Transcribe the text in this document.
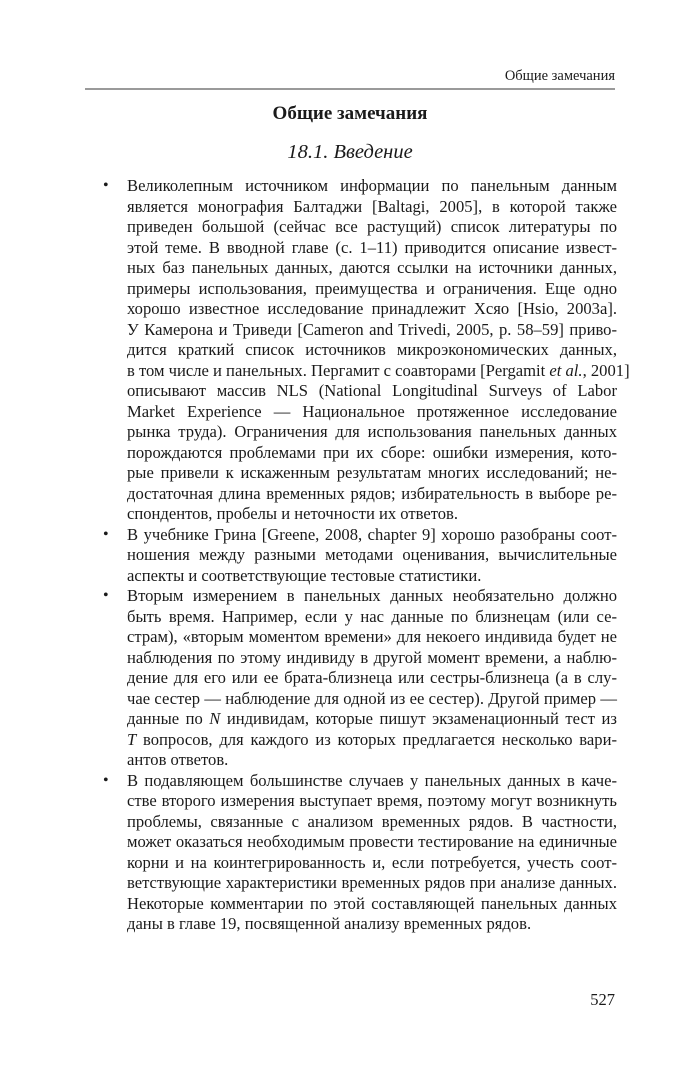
Общие замечания
Общие замечания
18.1. Введение
• Великолепным источником информации по панельным данным
является монография Балтаджи [Baltagi, 2005], в которой также
приведен большой (сейчас все растущий) список литературы по
этой теме. В вводной главе (с. 1–11) приводится описание извест-
ных баз панельных данных, даются ссылки на источники данных,
примеры использования, преимущества и ограничения. Еще одно
хорошо известное исследование принадлежит Хсяо [Hsio, 2003a].
У Камерона и Триведи [Cameron and Trivedi, 2005, p. 58–59] приво-
дится краткий список источников микроэкономических данных,
в том числе и панельных. Пергамит с соавторами [Pergamit et al., 2001]
описывают массив NLS (National Longitudinal Surveys of Labor
Market Experience — Национальное протяженное исследование
рынка труда). Ограничения для использования панельных данных
порождаются проблемами при их сборе: ошибки измерения, кото-
рые привели к искаженным результатам многих исследований; не-
достаточная длина временных рядов; избирательность в выборе ре-
спондентов, пробелы и неточности их ответов.
• В учебнике Грина [Greene, 2008, chapter 9] хорошо разобраны соот-
ношения между разными методами оценивания, вычислительные
аспекты и соответствующие тестовые статистики.
• Вторым измерением в панельных данных необязательно должно
быть время. Например, если у нас данные по близнецам (или се-
страм), «вторым моментом времени» для некоего индивида будет не
наблюдения по этому индивиду в другой момент времени, а наблю-
дение для его или ее брата-близнеца или сестры-близнеца (а в слу-
чае сестер — наблюдение для одной из ее сестер). Другой пример —
данные по N индивидам, которые пишут экзаменационный тест из
T вопросов, для каждого из которых предлагается несколько вари-
антов ответов.
• В подавляющем большинстве случаев у панельных данных в каче-
стве второго измерения выступает время, поэтому могут возникнуть
проблемы, связанные с анализом временных рядов. В частности,
может оказаться необходимым провести тестирование на единичные
корни и на коинтегрированность и, если потребуется, учесть соот-
ветствующие характеристики временных рядов при анализе данных.
Некоторые комментарии по этой составляющей панельных данных
даны в главе 19, посвященной анализу временных рядов.
527
